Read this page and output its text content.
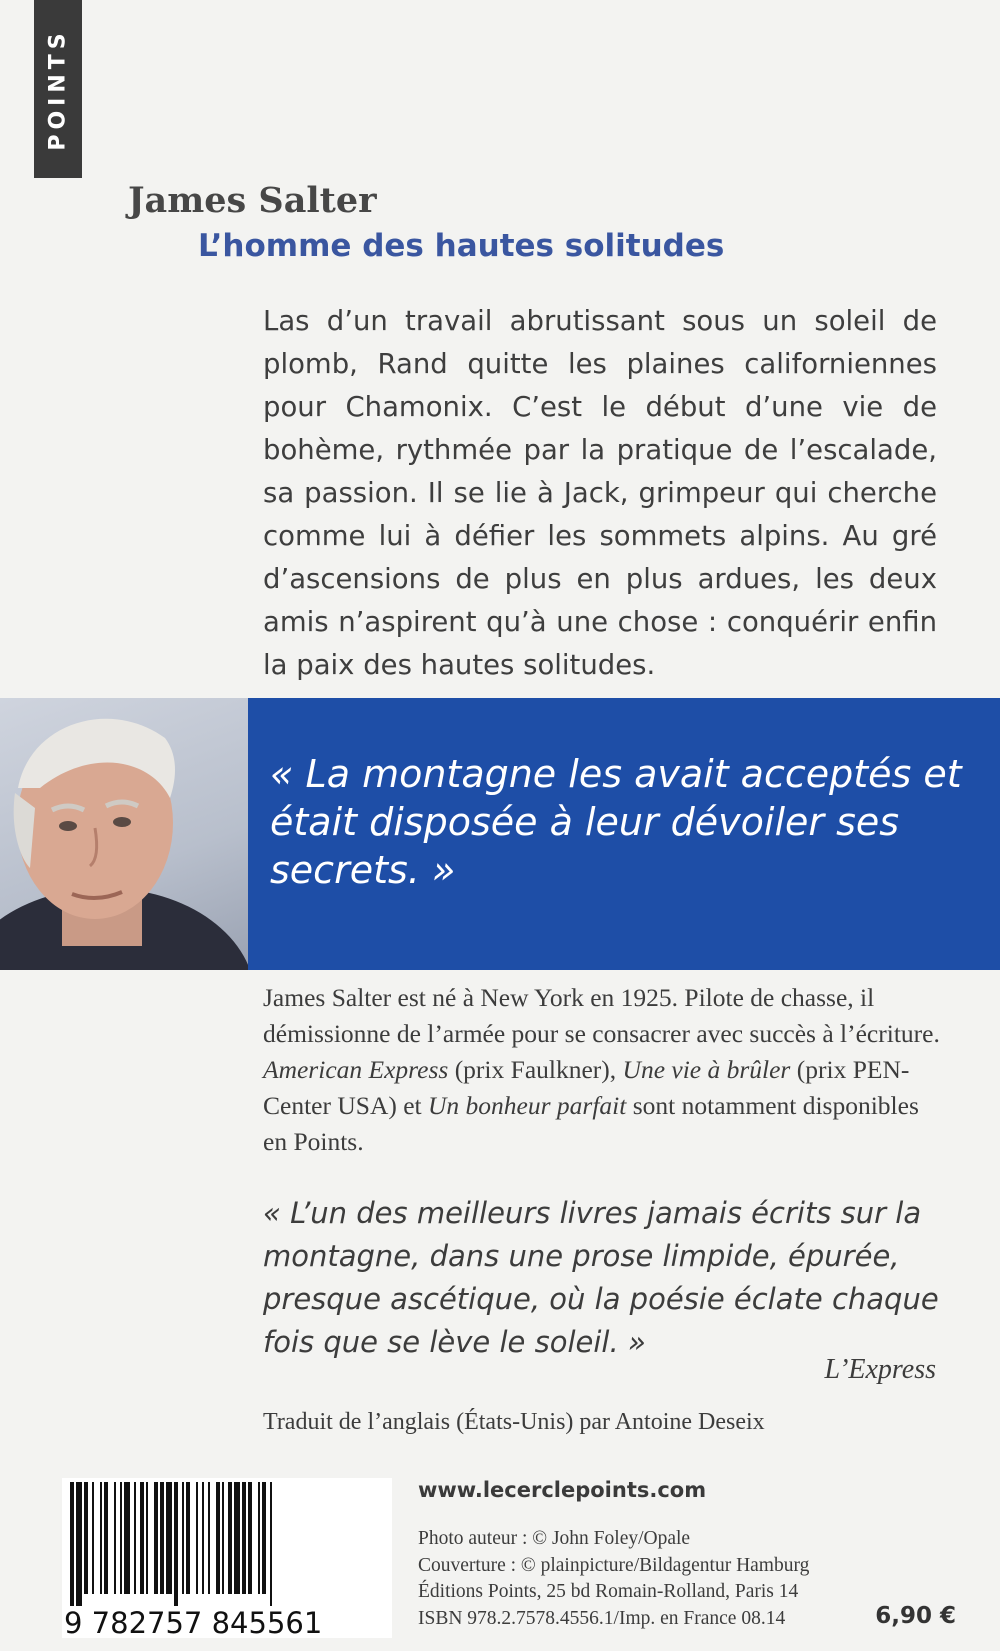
POINTS
James Salter
L’homme des hautes solitudes

Las d’un travail abrutissant sous un soleil de plomb, Rand quitte les plaines californiennes pour Chamonix. C’est le début d’une vie de bohème, rythmée par la pratique de l’escalade, sa passion. Il se lie à Jack, grimpeur qui cherche comme lui à défier les sommets alpins. Au gré d’ascensions de plus en plus ardues, les deux amis n’aspirent qu’à une chose : conquérir enfin la paix des hautes solitudes.

« La montagne les avait acceptés et était disposée à leur dévoiler ses secrets. »

James Salter est né à New York en 1925. Pilote de chasse, il démissionne de l’armée pour se consacrer avec succès à l’écriture. American Express (prix Faulkner), Une vie à brûler (prix PEN-Center USA) et Un bonheur parfait sont notamment disponibles en Points.

« L’un des meilleurs livres jamais écrits sur la montagne, dans une prose limpide, épurée, presque ascétique, où la poésie éclate chaque fois que se lève le soleil. »

L’Express
Traduit de l’anglais (États-Unis) par Antoine Deseix
9 782757 845561
www.lecerclepoints.com
Photo auteur : © John Foley/Opale
Couverture : © plainpicture/Bildagentur Hamburg
Éditions Points, 25 bd Romain-Rolland, Paris 14
ISBN 978.2.7578.4556.1/Imp. en France 08.14	6,90 €
